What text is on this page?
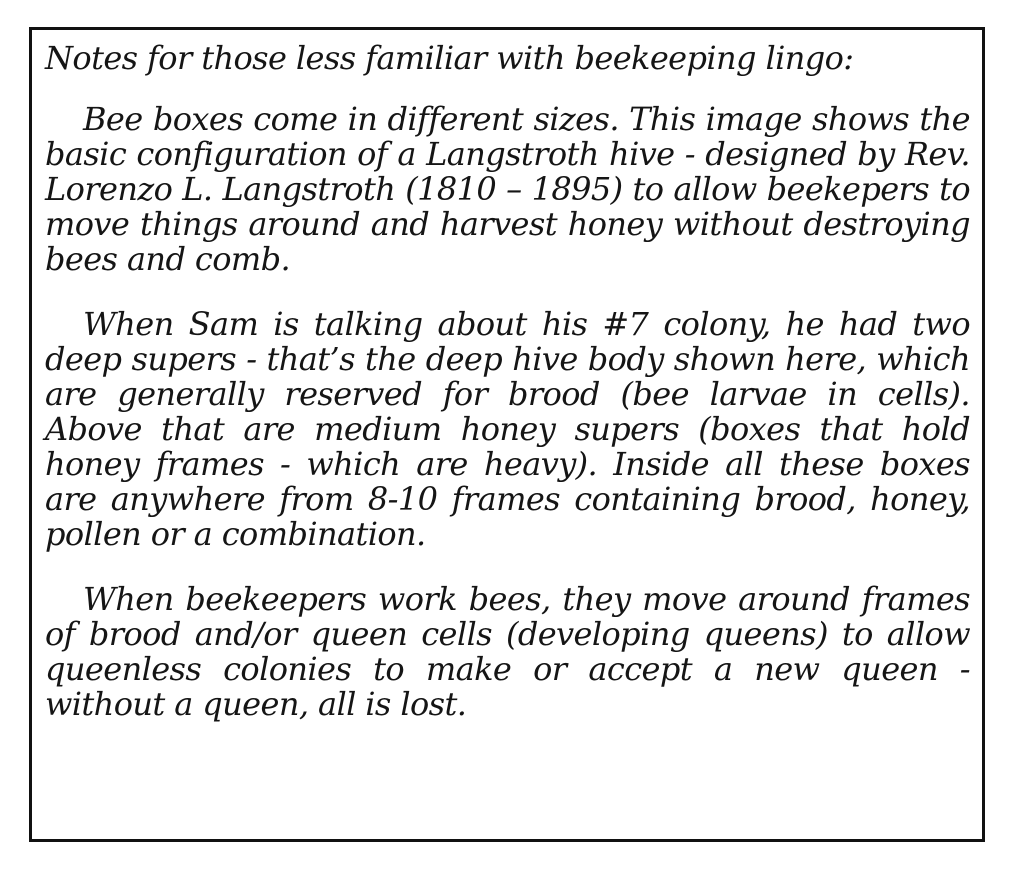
Notes for those less familiar with beekeeping lingo:

Bee boxes come in different sizes. This image shows the basic configuration of a Langstroth hive - designed by Rev. Lorenzo L. Langstroth (1810 – 1895) to allow beekepers to move things around and harvest honey without destroying bees and comb.

When Sam is talking about his #7 colony, he had two deep supers - that’s the deep hive body shown here, which are generally reserved for brood (bee larvae in cells). Above that are medium honey supers (boxes that hold honey frames - which are heavy). Inside all these boxes are anywhere from 8-10 frames containing brood, honey, pollen or a combination.

When beekeepers work bees, they move around frames of brood and/or queen cells (developing queens) to allow queenless colonies to make or accept a new queen - without a queen, all is lost.
